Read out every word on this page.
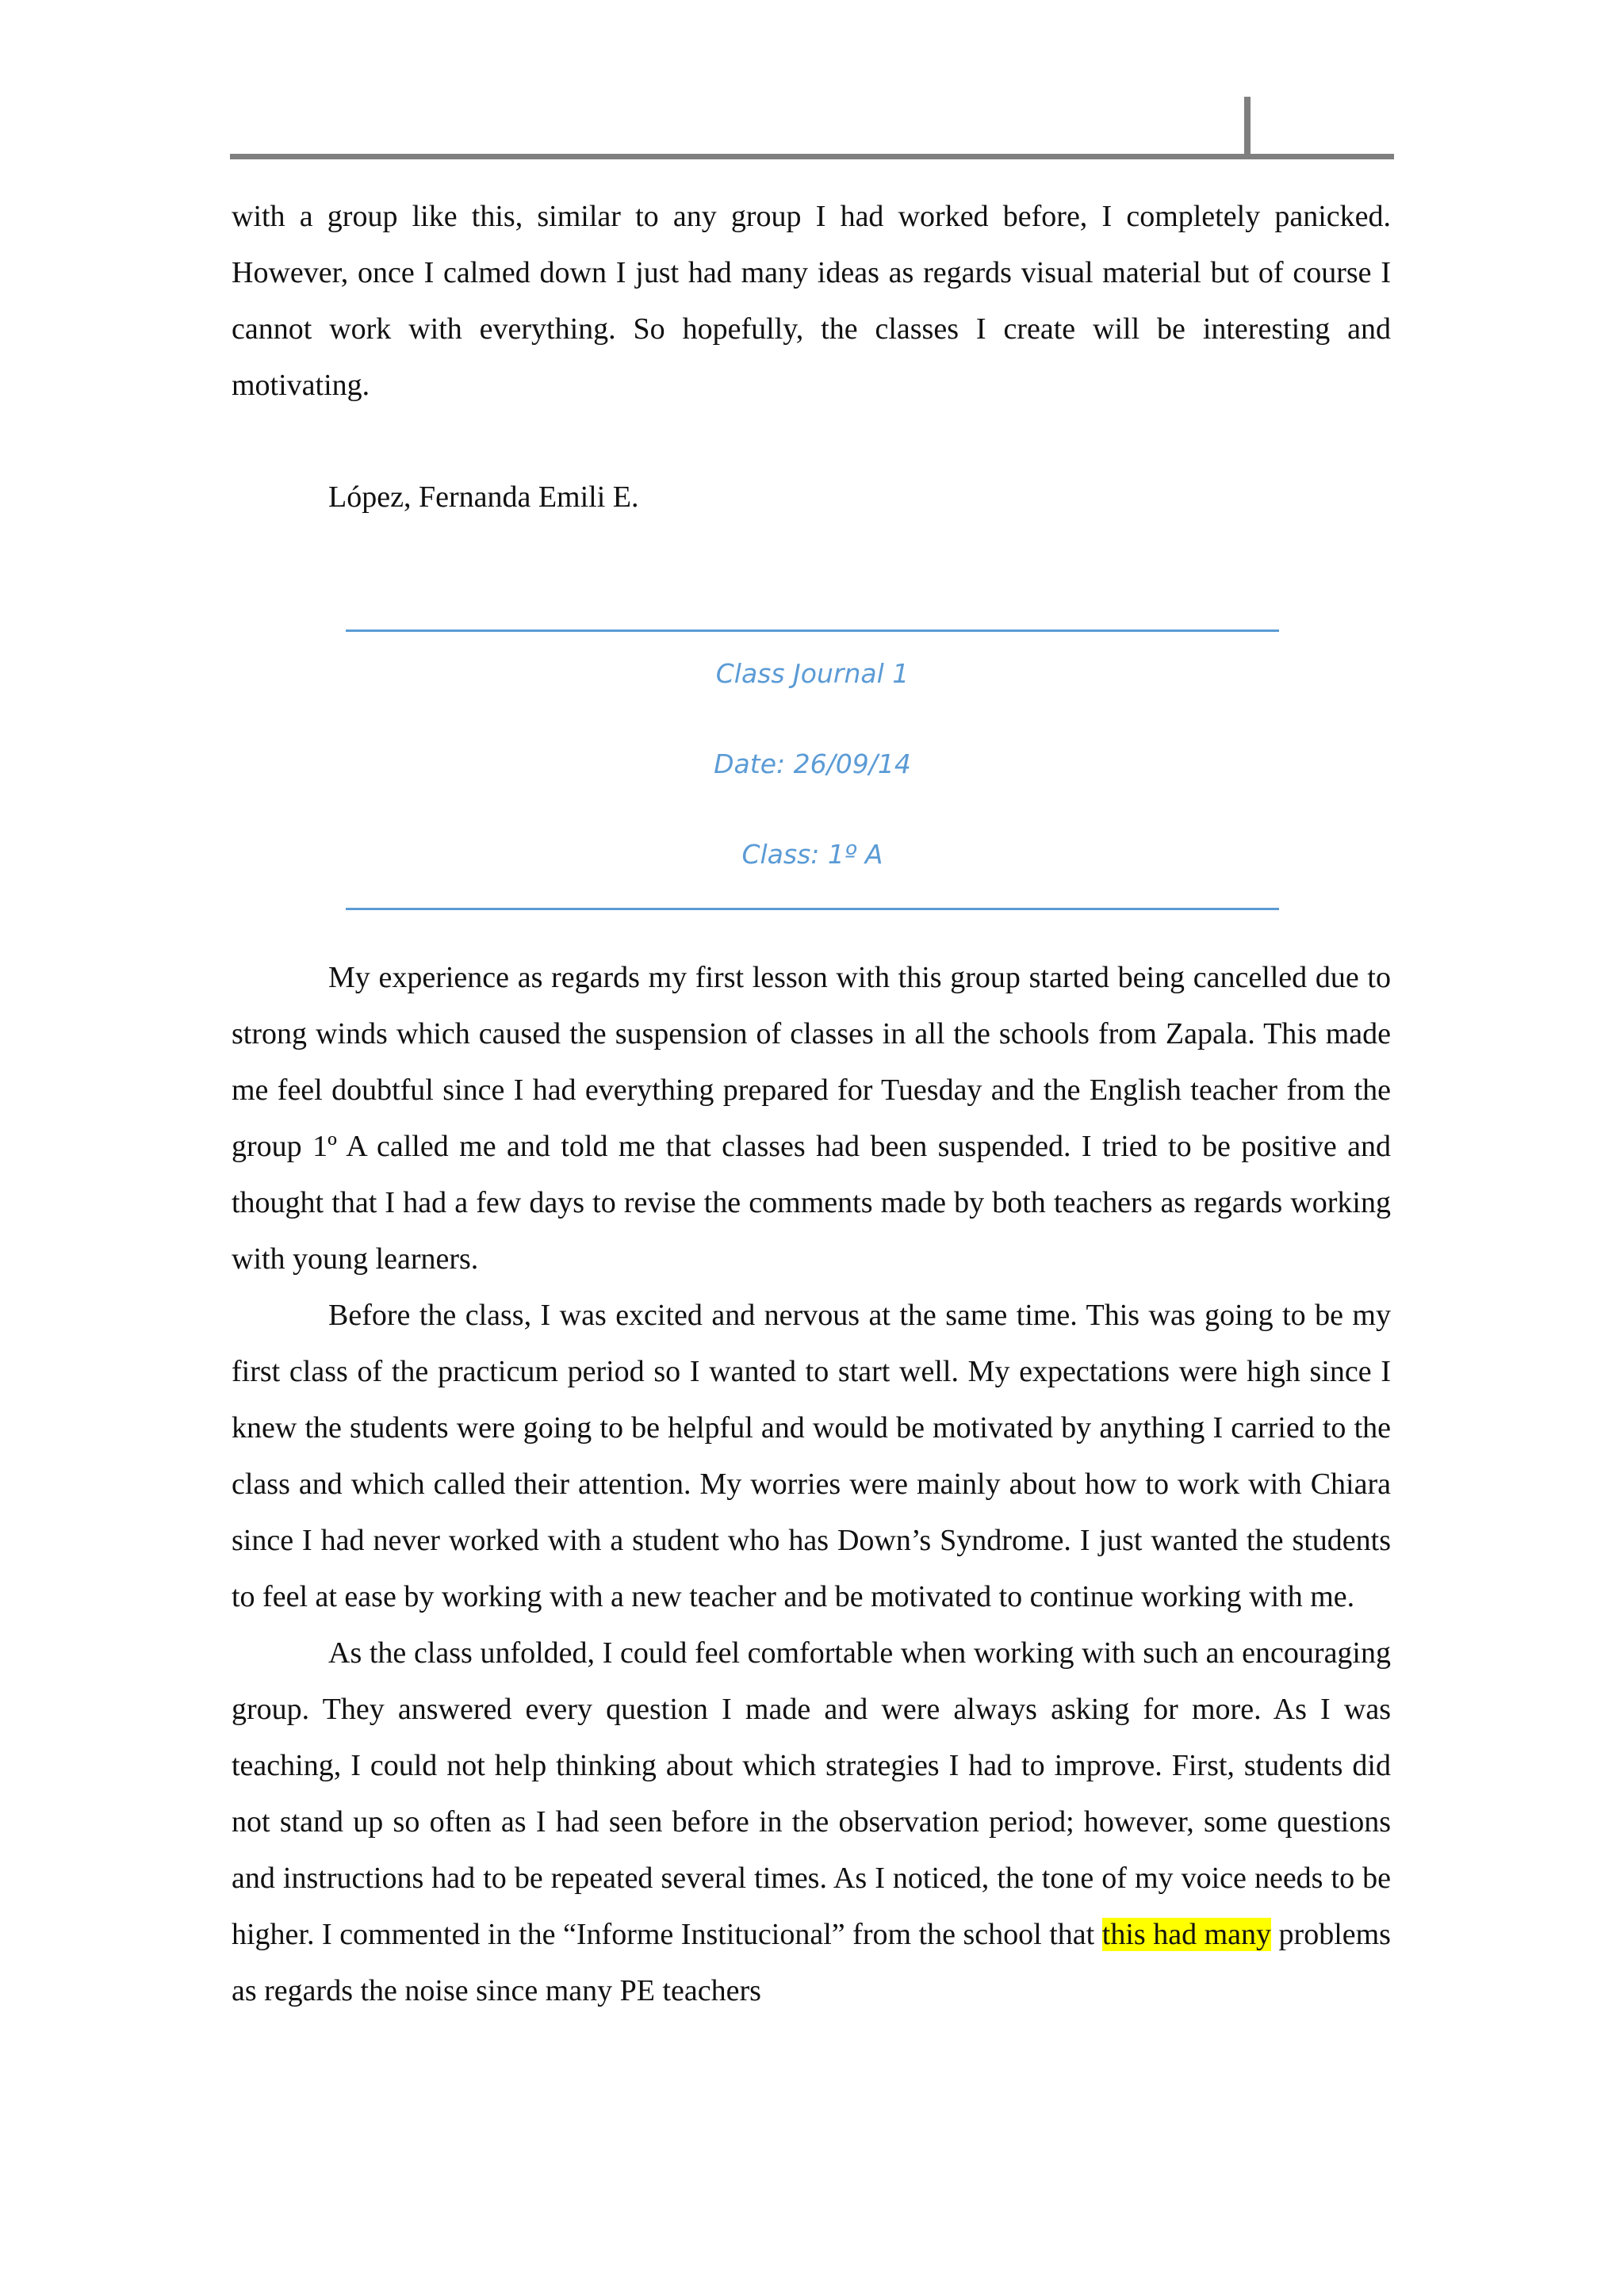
with a group like this, similar to any group I had worked before, I completely panicked. However, once I calmed down I just had many ideas as regards visual material but of course I cannot work with everything. So hopefully, the classes I create will be interesting and motivating.

López, Fernanda Emili E.
Class Journal 1
Date: 26/09/14
Class: 1º A

My experience as regards my first lesson with this group started being cancelled due to strong winds which caused the suspension of classes in all the schools from Zapala. This made me feel doubtful since I had everything prepared for Tuesday and the English teacher from the group 1º A called me and told me that classes had been suspended. I tried to be positive and thought that I had a few days to revise the comments made by both teachers as regards working with young learners.

Before the class, I was excited and nervous at the same time. This was going to be my first class of the practicum period so I wanted to start well. My expectations were high since I knew the students were going to be helpful and would be motivated by anything I carried to the class and which called their attention. My worries were mainly about how to work with Chiara since I had never worked with a student who has Down’s Syndrome. I just wanted the students to feel at ease by working with a new teacher and be motivated to continue working with me.

As the class unfolded, I could feel comfortable when working with such an encouraging group. They answered every question I made and were always asking for more. As I was teaching, I could not help thinking about which strategies I had to improve. First, students did not stand up so often as I had seen before in the observation period; however, some questions and instructions had to be repeated several times. As I noticed, the tone of my voice needs to be higher. I commented in the “Informe Institucional” from the school that this had many problems as regards the noise since many PE teachers
